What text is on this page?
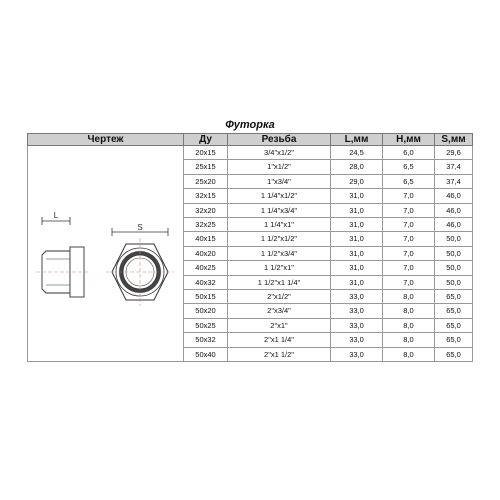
Футорка
Чертеж	Ду	Резьба	L,мм	H,мм	S,мм

L
S	20x15	3/4"x1/2"	24,5	6,0	29,6
	25x15	1"x1/2"	28,0	6,5	37,4
	25x20	1"x3/4"	29,0	6,5	37,4
	32x15	1 1/4"x1/2"	31,0	7,0	46,0
	32x20	1 1/4"x3/4"	31,0	7,0	46,0
	32x25	1 1/4"x1"	31,0	7,0	46,0
	40x15	1 1/2"x1/2"	31,0	7,0	50,0
	40x20	1 1/2"x3/4"	31,0	7,0	50,0
	40x25	1 1/2"x1"	31,0	7,0	50,0
	40x32	1 1/2"x1 1/4"	31,0	7,0	50,0
	50x15	2"x1/2"	33,0	8,0	65,0
	50x20	2"x3/4"	33,0	8,0	65,0
	50x25	2"x1"	33,0	8,0	65,0
	50x32	2"x1 1/4"	33,0	8,0	65,0
	50x40	2"x1 1/2"	33,0	8,0	65,0
